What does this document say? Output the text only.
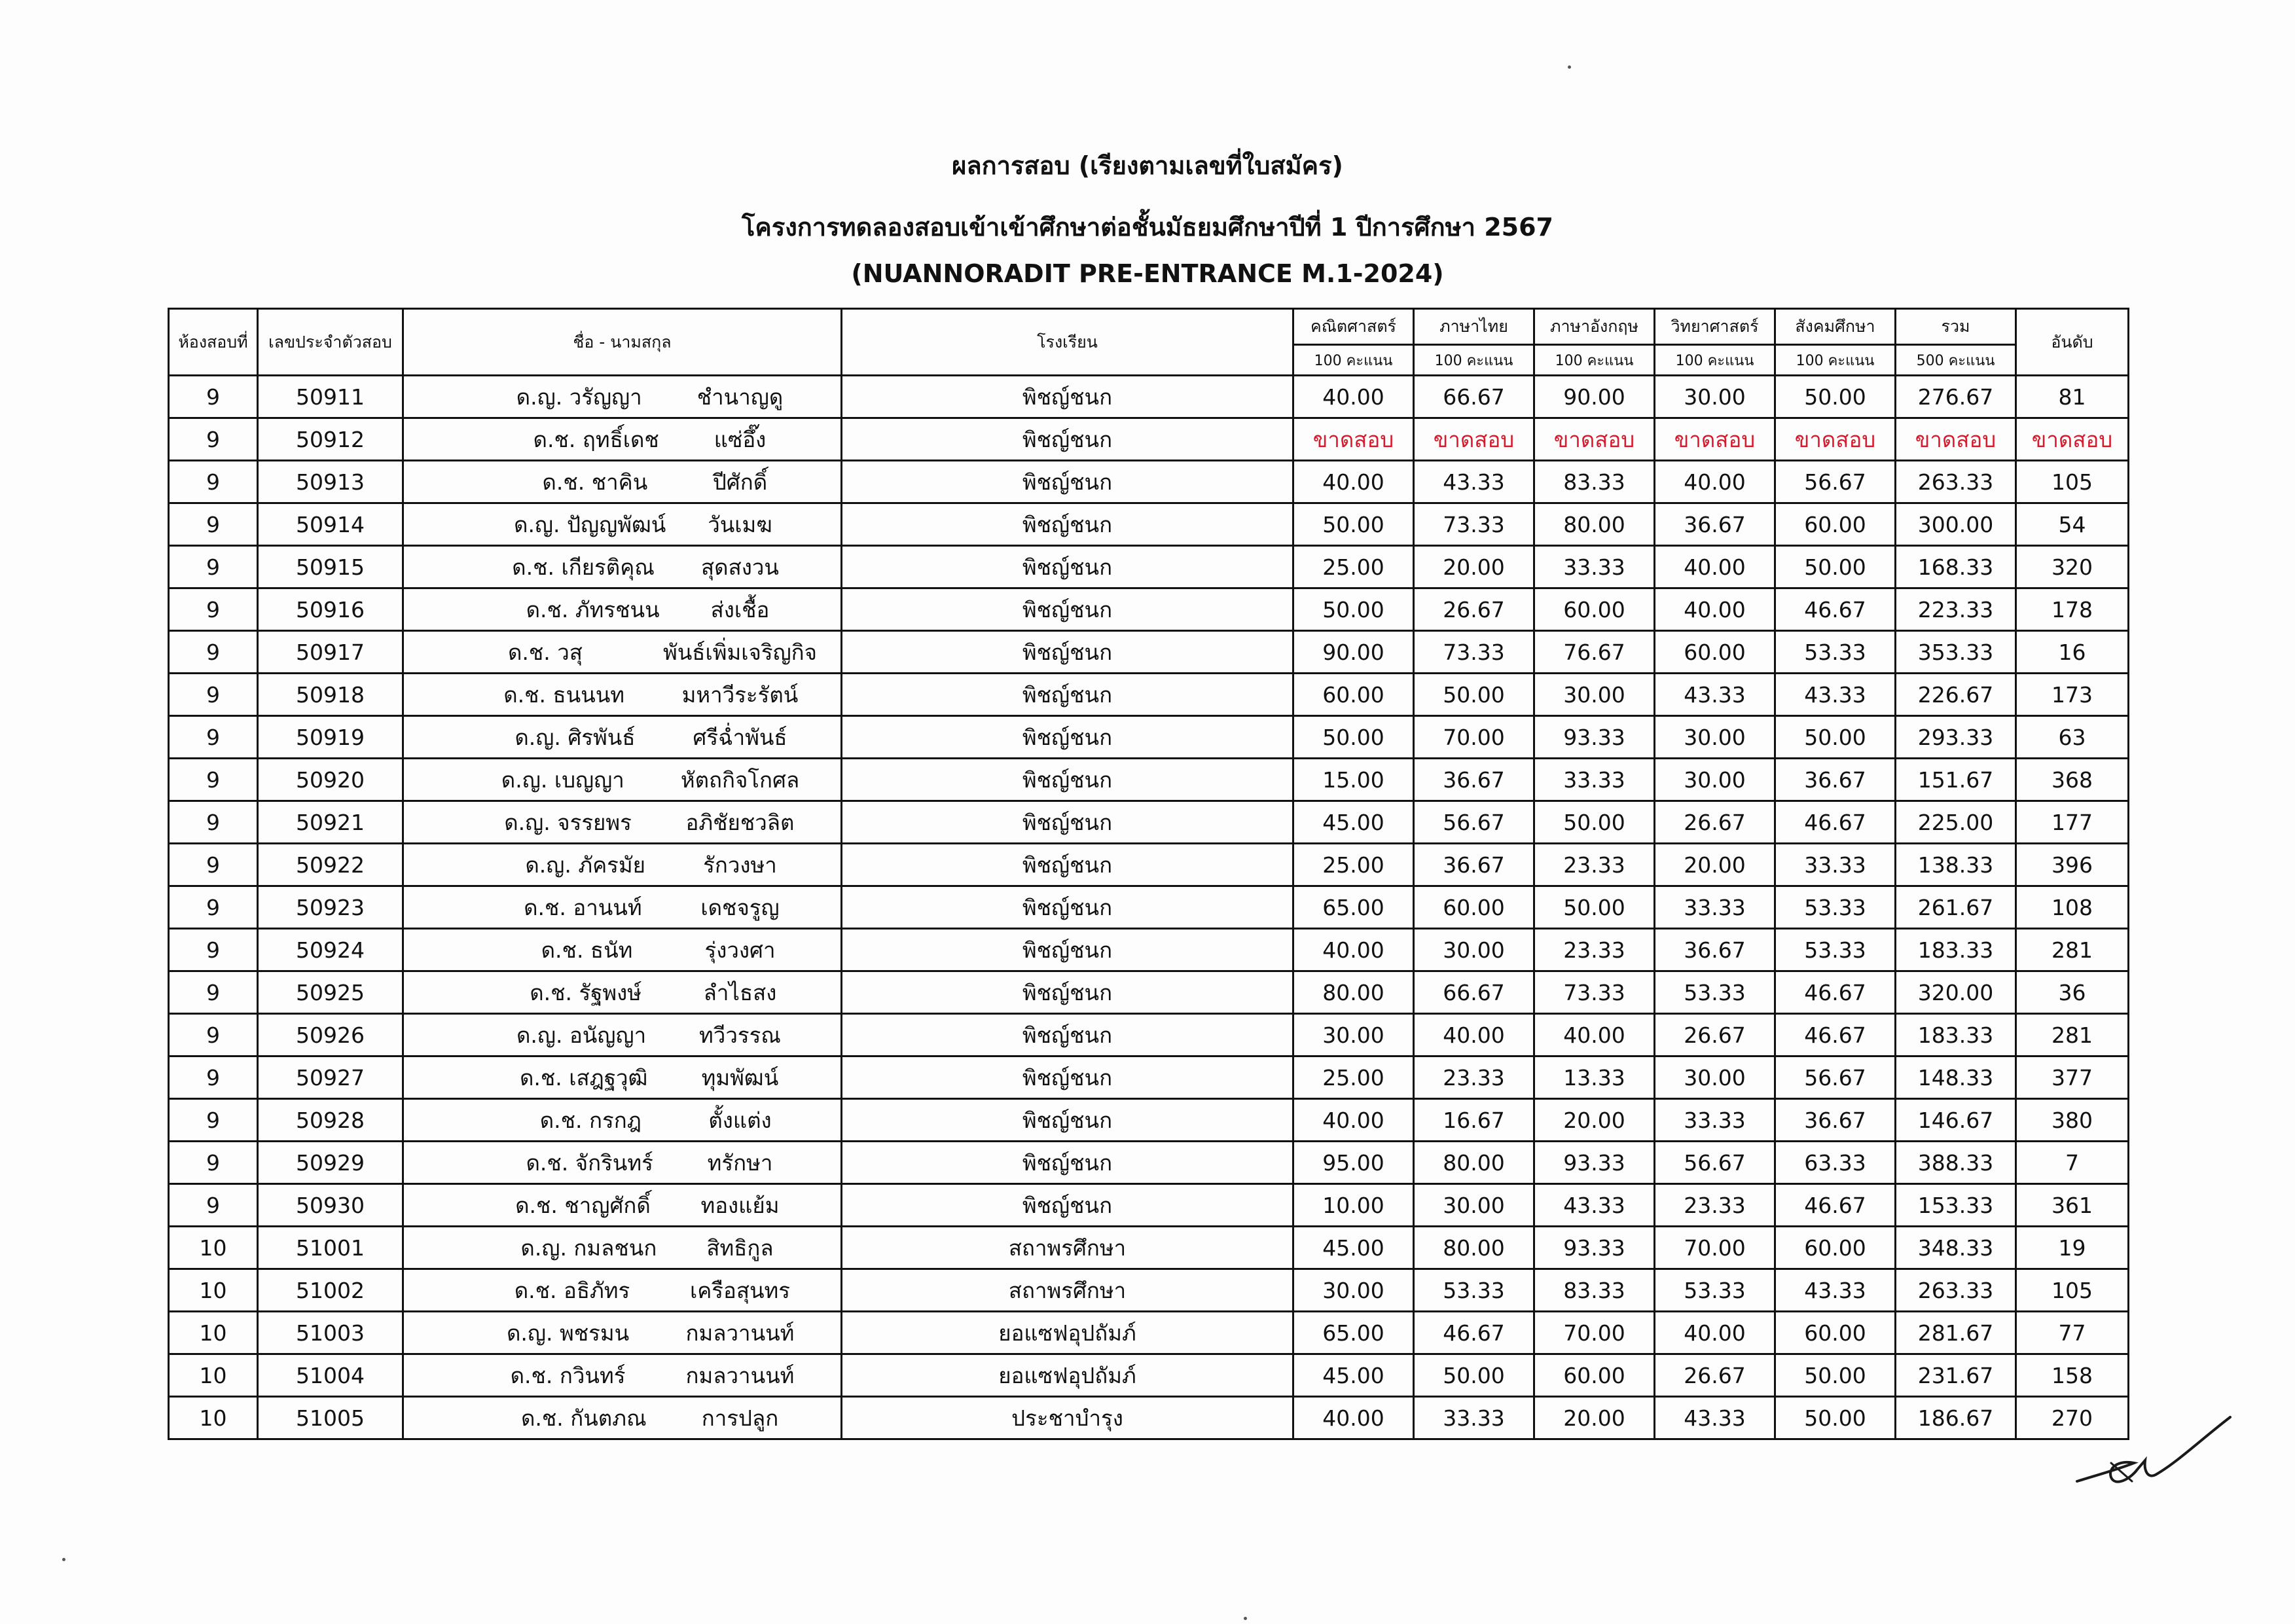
ผลการสอบ (เรียงตามเลขที่ใบสมัคร)
โครงการทดลองสอบเข้าเข้าศึกษาต่อชั้นมัธยมศึกษาปีที่ 1 ปีการศึกษา 2567
(NUANNORADIT PRE-ENTRANCE M.1-2024)
ห้องสอบที่	เลขประจำตัวสอบ	ชื่อ - นามสกุล	โรงเรียน	คณิตศาสตร์	ภาษาไทย	ภาษาอังกฤษ	วิทยาศาสตร์	สังคมศึกษา	รวม	อันดับ
				100 คะแนน	100 คะแนน	100 คะแนน	100 คะแนน	100 คะแนน	500 คะแนน	
9	50911	ด.ญ. วรัญญา ชำนาญดู	พิชญ์ชนก	40.00	66.67	90.00	30.00	50.00	276.67	81
9	50912	ด.ช. ฤทธิ์เดช แซ่อึ๊ง	พิชญ์ชนก	ขาดสอบ	ขาดสอบ	ขาดสอบ	ขาดสอบ	ขาดสอบ	ขาดสอบ	ขาดสอบ
9	50913	ด.ช. ชาคิน ปีศักดิ์	พิชญ์ชนก	40.00	43.33	83.33	40.00	56.67	263.33	105
9	50914	ด.ญ. ปัญญพัฒน์ วันเมฆ	พิชญ์ชนก	50.00	73.33	80.00	36.67	60.00	300.00	54
9	50915	ด.ช. เกียรติคุณ สุดสงวน	พิชญ์ชนก	25.00	20.00	33.33	40.00	50.00	168.33	320
9	50916	ด.ช. ภัทรชนน ส่งเชื้อ	พิชญ์ชนก	50.00	26.67	60.00	40.00	46.67	223.33	178
9	50917	ด.ช. วสุ พันธ์เพิ่มเจริญกิจ	พิชญ์ชนก	90.00	73.33	76.67	60.00	53.33	353.33	16
9	50918	ด.ช. ธนนนท มหาวีระรัตน์	พิชญ์ชนก	60.00	50.00	30.00	43.33	43.33	226.67	173
9	50919	ด.ญ. ศิรพันธ์ ศรีฉ่ำพันธ์	พิชญ์ชนก	50.00	70.00	93.33	30.00	50.00	293.33	63
9	50920	ด.ญ. เบญญา หัตถกิจโกศล	พิชญ์ชนก	15.00	36.67	33.33	30.00	36.67	151.67	368
9	50921	ด.ญ. จรรยพร อภิชัยชวลิต	พิชญ์ชนก	45.00	56.67	50.00	26.67	46.67	225.00	177
9	50922	ด.ญ. ภัครมัย รักวงษา	พิชญ์ชนก	25.00	36.67	23.33	20.00	33.33	138.33	396
9	50923	ด.ช. อานนท์ เดชจรูญ	พิชญ์ชนก	65.00	60.00	50.00	33.33	53.33	261.67	108
9	50924	ด.ช. ธนัท รุ่งวงศา	พิชญ์ชนก	40.00	30.00	23.33	36.67	53.33	183.33	281
9	50925	ด.ช. รัฐพงษ์ ลำไธสง	พิชญ์ชนก	80.00	66.67	73.33	53.33	46.67	320.00	36
9	50926	ด.ญ. อนัญญา ทวีวรรณ	พิชญ์ชนก	30.00	40.00	40.00	26.67	46.67	183.33	281
9	50927	ด.ช. เสฎฐวุฒิ ทุมพัฒน์	พิชญ์ชนก	25.00	23.33	13.33	30.00	56.67	148.33	377
9	50928	ด.ช. กรกฎ ตั้งแต่ง	พิชญ์ชนก	40.00	16.67	20.00	33.33	36.67	146.67	380
9	50929	ด.ช. จักรินทร์ ทรักษา	พิชญ์ชนก	95.00	80.00	93.33	56.67	63.33	388.33	7
9	50930	ด.ช. ชาญศักดิ์ ทองแย้ม	พิชญ์ชนก	10.00	30.00	43.33	23.33	46.67	153.33	361
10	51001	ด.ญ. กมลชนก สิทธิกูล	สถาพรศึกษา	45.00	80.00	93.33	70.00	60.00	348.33	19
10	51002	ด.ช. อธิภัทร เครือสุนทร	สถาพรศึกษา	30.00	53.33	83.33	53.33	43.33	263.33	105
10	51003	ด.ญ. พชรมน กมลวานนท์	ยอแซฟอุปถัมภ์	65.00	46.67	70.00	40.00	60.00	281.67	77
10	51004	ด.ช. กวินทร์ กมลวานนท์	ยอแซฟอุปถัมภ์	45.00	50.00	60.00	26.67	50.00	231.67	158
10	51005	ด.ช. กันตภณ การปลูก	ประชาบำรุง	40.00	33.33	20.00	43.33	50.00	186.67	270
